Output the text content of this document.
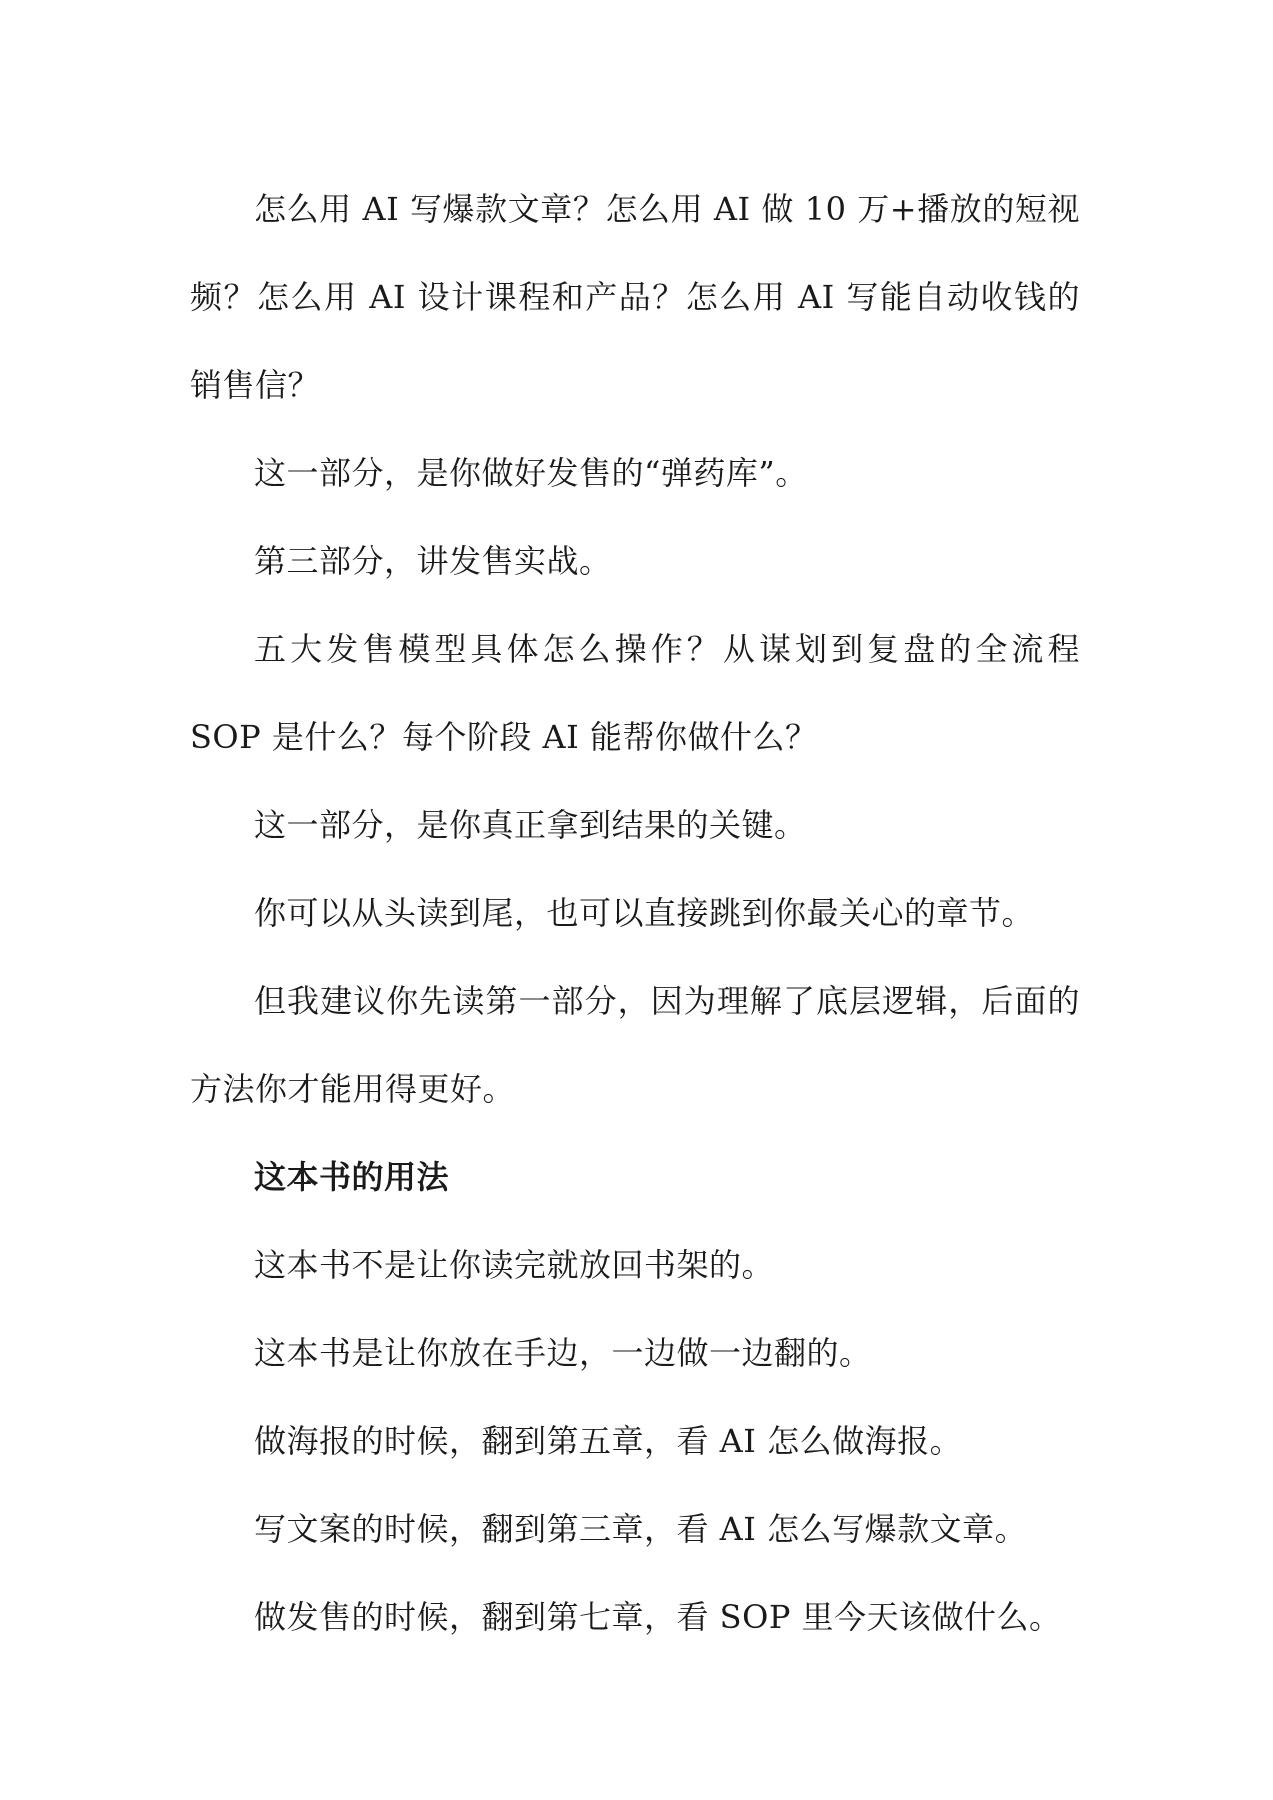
怎么用 AI 写爆款文章？怎么用 AI 做 10 万+播放的短视频？怎么用 AI 设计课程和产品？怎么用 AI 写能自动收钱的销售信？

这一部分，是你做好发售的“弹药库”。

第三部分，讲发售实战。

五大发售模型具体怎么操作？从谋划到复盘的全流程 SOP 是什么？每个阶段 AI 能帮你做什么？

这一部分，是你真正拿到结果的关键。

你可以从头读到尾，也可以直接跳到你最关心的章节。

但我建议你先读第一部分，因为理解了底层逻辑，后面的方法你才能用得更好。

这本书的用法

这本书不是让你读完就放回书架的。

这本书是让你放在手边，一边做一边翻的。

做海报的时候，翻到第五章，看 AI 怎么做海报。

写文案的时候，翻到第三章，看 AI 怎么写爆款文章。

做发售的时候，翻到第七章，看 SOP 里今天该做什么。
